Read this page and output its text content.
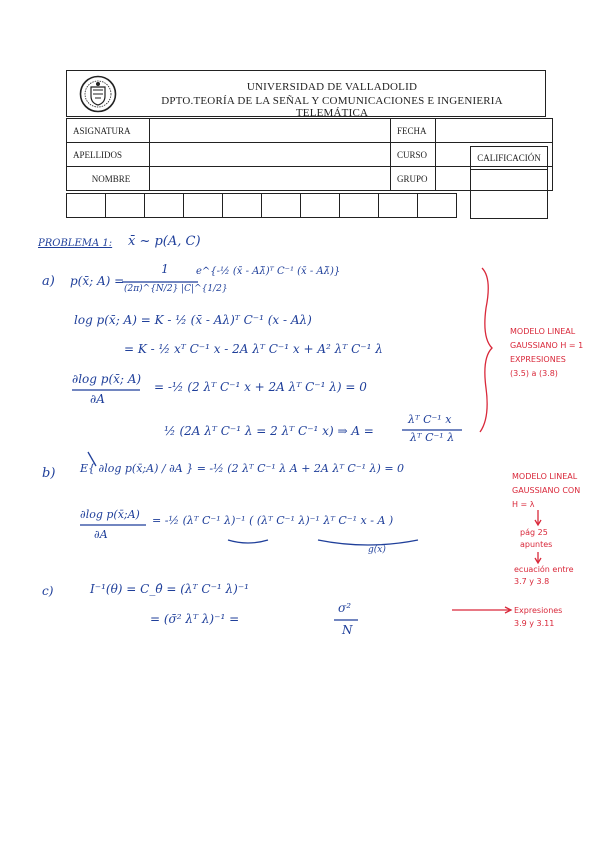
UNIVERSIDAD DE VALLADOLID
DPTO.TEORÍA DE LA SEÑAL Y COMUNICACIONES E INGENIERIA TELEMÁTICA
ASIGNATURA		FECHA	
APELLIDOS		CURSO	
NOMBRE		GRUPO	
CALIFICACIÓN

PROBLEMA 1: x̄ ~ p(A, C)
a) p(x̄; A) =
1
(2π)^{N/2} |C|^{1/2}
e^{-½ (x̄ - Aλ̄)ᵀ C⁻¹ (x̄ - Aλ̄)}
log p(x̄; A) = K - ½ (x̄ - Aλ)ᵀ C⁻¹ (x - Aλ)
= K - ½ xᵀ C⁻¹ x - 2A λᵀ C⁻¹ x + A² λᵀ C⁻¹ λ
∂log p(x̄; A)
∂A
= -½ (2 λᵀ C⁻¹ x + 2A λᵀ C⁻¹ λ) = 0
½ (2A λᵀ C⁻¹ λ = 2 λᵀ C⁻¹ x) ⇒ A =
λᵀ C⁻¹ x
λᵀ C⁻¹ λ
b) E{ ∂log p(x̄;A) / ∂A } = -½ (2 λᵀ C⁻¹ λ A + 2A λᵀ C⁻¹ λ) = 0
∂log p(x̄;A)
∂A
= -½ (λᵀ C⁻¹ λ)⁻¹ ( (λᵀ C⁻¹ λ)⁻¹ λᵀ C⁻¹ x - A )
g(x)
c)	I⁻¹(θ) = C_θ̂ = (λᵀ C⁻¹ λ)⁻¹
= (σ̄² λᵀ λ)⁻¹ =
σ²
N
MODELO LINEAL
GAUSSIANO H = 1
EXPRESIONES
(3.5) a (3.8)
MODELO LINEAL
GAUSSIANO CON
H = λ
pág 25
apuntes
ecuación entre
3.7 y 3.8
Expresiones
3.9 y 3.11
